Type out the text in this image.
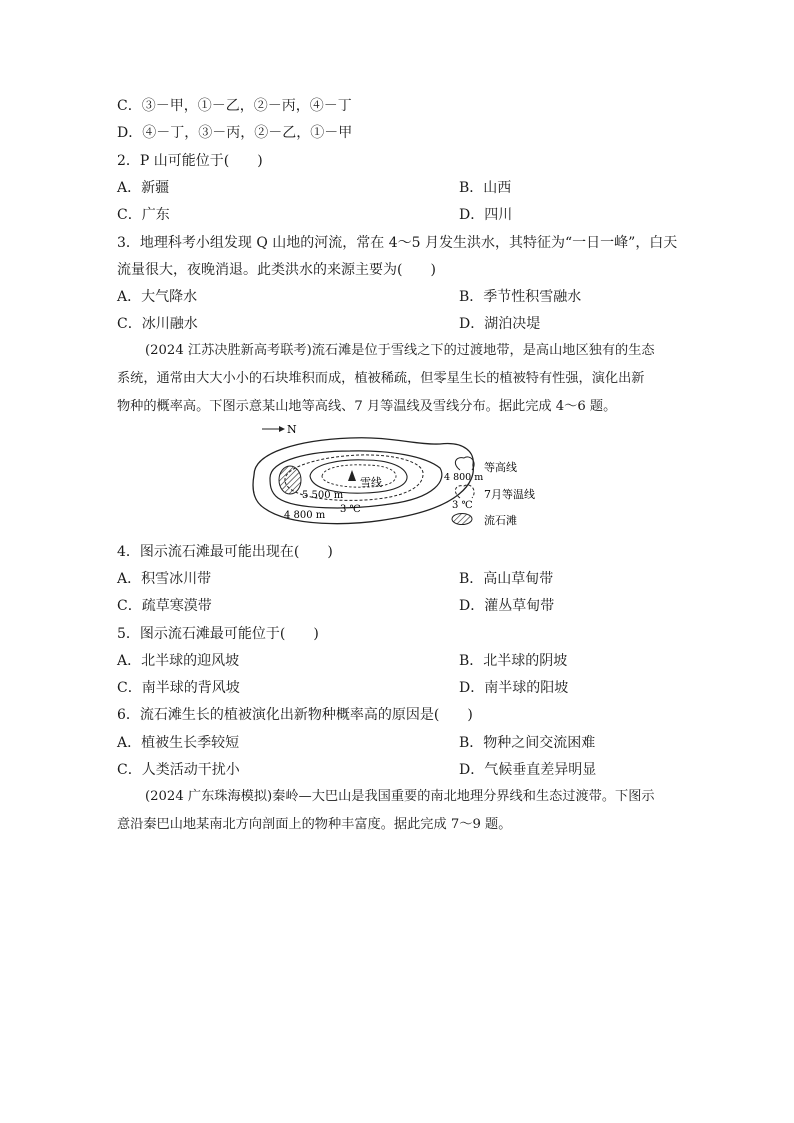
C．③－甲，①－乙，②－丙，④－丁
D．④－丁，③－丙，②－乙，①－甲
2．P 山可能位于(　　)
A．新疆	B．山西
C．广东	D．四川
3．地理科考小组发现 Q 山地的河流，常在 4～5 月发生洪水，其特征为“一日一峰”，白天
流量很大，夜晚消退。此类洪水的来源主要为(　　)
A．大气降水	B．季节性积雪融水
C．冰川融水	D．湖泊决堤
(2024 江苏决胜新高考联考)流石滩是位于雪线之下的过渡地带，是高山地区独有的生态
系统，通常由大大小小的石块堆积而成，植被稀疏，但零星生长的植被特有性强，演化出新
物种的概率高。下图示意某山地等高线、7 月等温线及雪线分布。据此完成 4～6 题。
N
雪线
5 500 m
3 ℃
4 800 m
4 800 m
等高线
3 ℃
7月等温线
流石滩
4．图示流石滩最可能出现在(　　)
A．积雪冰川带	B．高山草甸带
C．疏草寒漠带	D．灌丛草甸带
5．图示流石滩最可能位于(　　)
A．北半球的迎风坡	B．北半球的阴坡
C．南半球的背风坡	D．南半球的阳坡
6．流石滩生长的植被演化出新物种概率高的原因是(　　)
A．植被生长季较短	B．物种之间交流困难
C．人类活动干扰小	D．气候垂直差异明显
(2024 广东珠海模拟)秦岭—大巴山是我国重要的南北地理分界线和生态过渡带。下图示
意沿秦巴山地某南北方向剖面上的物种丰富度。据此完成 7～9 题。
